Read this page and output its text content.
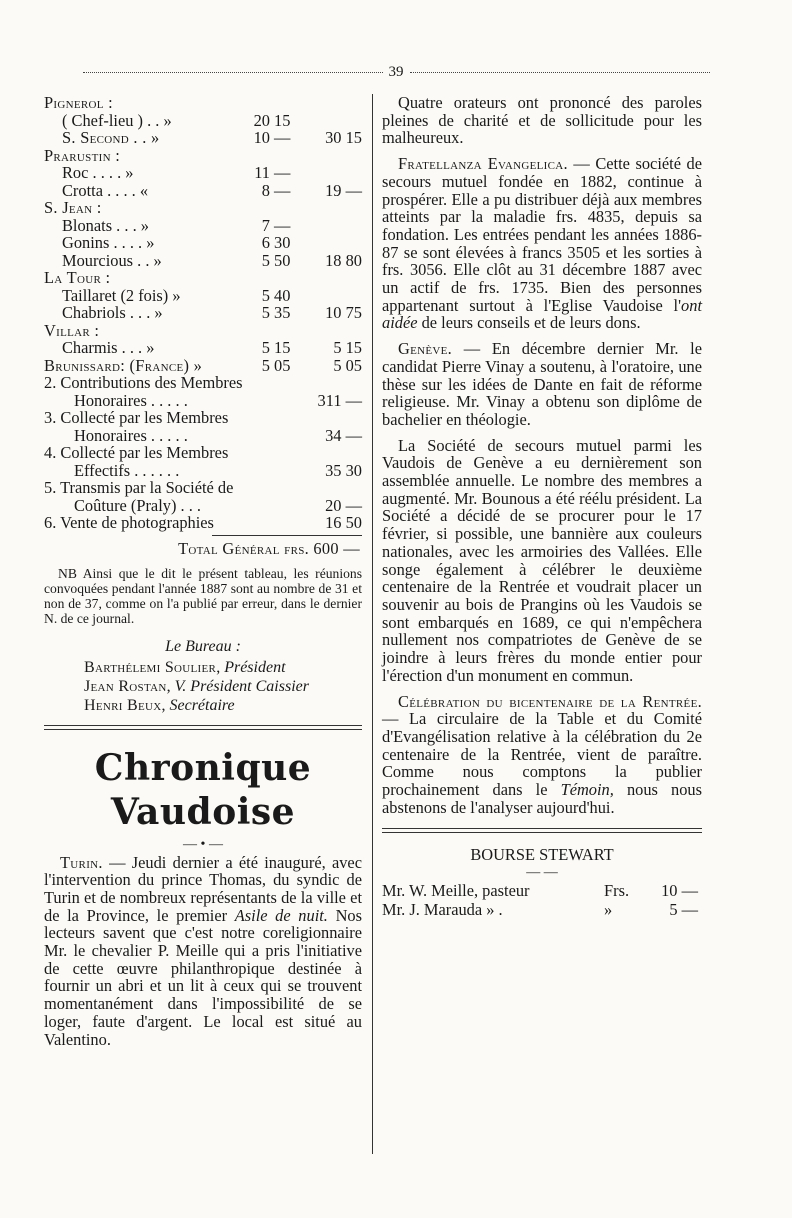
39
Pignerol :
( Chef-lieu ) . . »	20 15
S. Second . . »	10 —	30 15
Prarustin :
Roc . . . . »	11 —
Crotta . . . . «	8 —	19 —
S. Jean :
Blonats . . . »	7 —
Gonins . . . . »	6 30
Mourcious . . »	5 50	18 80
La Tour :
Taillaret (2 fois) »	5 40
Chabriols . . . »	5 35	10 75
Villar :
Charmis . . . »	5 15	5 15
Brunissard: (France) »	5 05	5 05
2. Contributions des Membres
Honoraires . . . . .	311 —
3. Collecté par les Membres
Honoraires . . . . .	34 —
4. Collecté par les Membres
Effectifs . . . . . .	35 30
5. Transmis par la Société de
Coûture (Praly) . . .	20 —
6. Vente de photographies	16 50
Total Général frs. 600 —
NB Ainsi que le dit le présent tableau, les réunions convoquées pendant l'année 1887 sont au nombre de 31 et non de 37, comme on l'a publié par erreur, dans le dernier N. de ce journal.
Le Bureau :
Barthélemi Soulier, Président
Jean Rostan, V. Président Caissier
Henri Beux, Secrétaire
Chronique Vaudoise
— • —

Turin. — Jeudi dernier a été inauguré, avec l'intervention du prince Thomas, du syndic de Turin et de nombreux représentants de la ville et de la Province, le premier Asile de nuit. Nos lecteurs savent que c'est notre coreligionnaire Mr. le chevalier P. Meille qui a pris l'initiative de cette œuvre philanthropique destinée à fournir un abri et un lit à ceux qui se trouvent momentanément dans l'impossibilité de se loger, faute d'argent. Le local est situé au Valentino.

Quatre orateurs ont prononcé des paroles pleines de charité et de sollicitude pour les malheureux.

Fratellanza Evangelica. — Cette société de secours mutuel fondée en 1882, continue à prospérer. Elle a pu distribuer déjà aux membres atteints par la maladie frs. 4835, depuis sa fondation. Les entrées pendant les années 1886-87 se sont élevées à francs 3505 et les sorties à frs. 3056. Elle clôt au 31 décembre 1887 avec un actif de frs. 1735. Bien des personnes appartenant surtout à l'Eglise Vaudoise l'ont aidée de leurs conseils et de leurs dons.

Genève. — En décembre dernier Mr. le candidat Pierre Vinay a soutenu, à l'oratoire, une thèse sur les idées de Dante en fait de réforme religieuse. Mr. Vinay a obtenu son diplôme de bachelier en théologie.

La Société de secours mutuel parmi les Vaudois de Genève a eu dernièrement son assemblée annuelle. Le nombre des membres a augmenté. Mr. Bounous a été réélu président. La Société a décidé de se procurer pour le 17 février, si possible, une bannière aux couleurs nationales, avec les armoiries des Vallées. Elle songe également à célébrer le deuxième centenaire de la Rentrée et voudrait placer un souvenir au bois de Prangins où les Vaudois se sont embarqués en 1689, ce qui n'empêchera nullement nos compatriotes de Genève de se joindre à leurs frères du monde entier pour l'érection d'un monument en commun.

Célébration du bicentenaire de la Rentrée. — La circulaire de la Table et du Comité d'Evangélisation relative à la célébration du 2e centenaire de la Rentrée, vient de paraître. Comme nous comptons la publier prochainement dans le Témoin, nous nous abstenons de l'analyser aujourd'hui.

BOURSE STEWART
— —
Mr. W. Meille, pasteur	Frs. 10 —
Mr. J. Marauda » .	»	5 —
